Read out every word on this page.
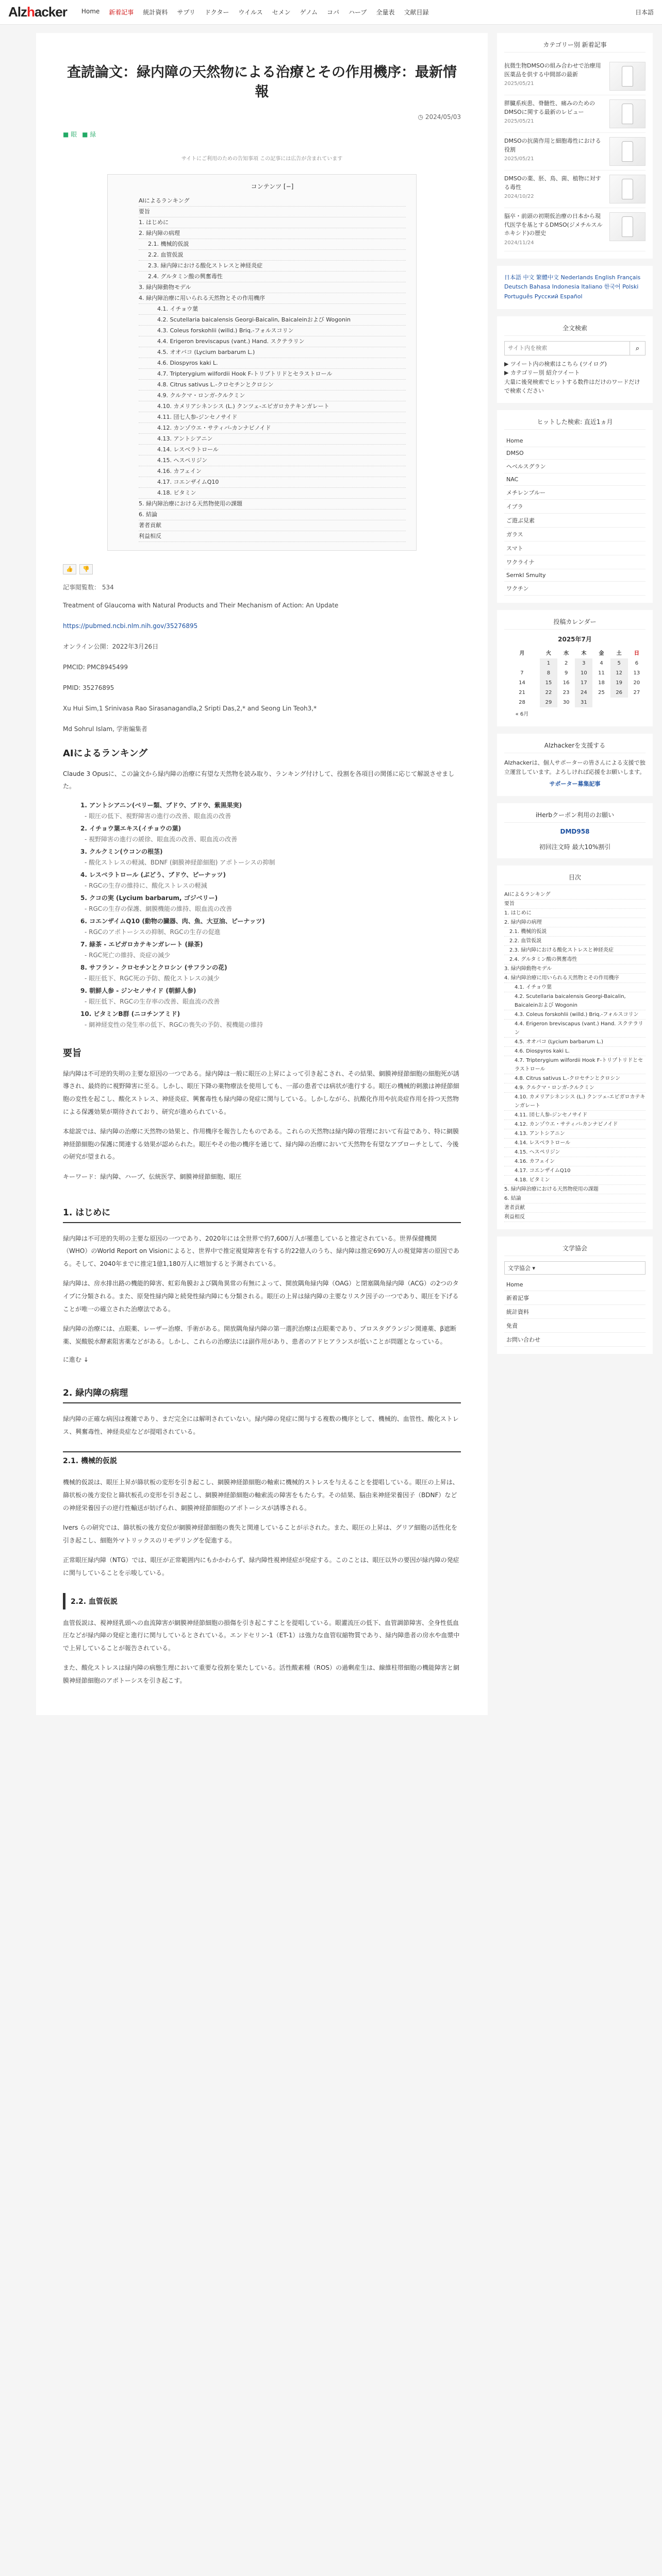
Alzhacker Home 新着記事 統計資料 サプリ ドクター ウイルス セメン ゲノム コパ ハーブ 全量表 文献目録	日本語
査読論文：緑内障の天然物による治療とその作用機序：最新情報
◷ 2024/05/03
■ 眼 ■ 緑
サイトにご利用のための告知事項 この記事には広告が含まれています
コンテンツ [−]
AIによるランキング
要旨
1. はじめに
2. 緑内障の病理
2.1. 機械的仮説
2.2. 血管仮説
2.3. 緑内障における酸化ストレスと神経炎症
2.4. グルタミン酸の興奮毒性
3. 緑内障動物モデル
4. 緑内障治療に用いられる天然物とその作用機序
4.1. イチョウ葉
4.2. Scutellaria baicalensis Georgi-Baicalin, Baicaleinおよび Wogonin
4.3. Coleus forskohlii (willd.) Briq.-フォルスコリン
4.4. Erigeron breviscapus (vant.) Hand. スクテラリン
4.5. オオバコ (Lycium barbarum L.)
4.6. Diospyros kaki L.
4.7. Tripterygium wilfordii Hook F-トリプトリドとセラストロール
4.8. Citrus sativus L.-クロセチンとクロシン
4.9. クルクマ・ロンガ-クルクミン
4.10. カメリアシネンシス (L.) クンツェ-エピガロカテキンガレート
4.11. 団七人参-ジンセノサイド
4.12. カンゾウエ・サティバ-カンナビノイド
4.13. アントシアニン
4.14. レスベラトロール
4.15. ヘスペリジン
4.16. カフェイン
4.17. コエンザイムQ10
4.18. ビタミン
5. 緑内障治療における天然物使用の課題
6. 結論
著者貢献
利益相反
👍	👎
記事閲覧数： 534
Treatment of Glaucoma with Natural Products and Their Mechanism of Action: An Update
https://pubmed.ncbi.nlm.nih.gov/35276895
オンライン公開：2022年3月26日
PMCID: PMC8945499
PMID: 35276895
Xu Hui Sim,1 Srinivasa Rao Sirasanagandla,2 Sripti Das,2,* and Seong Lin Teoh3,*
Md Sohrul Islam, 学術編集者
AIによるランキング
Claude 3 Opusに、この論文から緑内障の治療に有望な天然物を読み取り、ランキング付けして、役割を各項目の関係に応じて解説させました。
1. アントシアニン(ベリー類、ブドウ、ブドウ、紫黒果実)
- 眼圧の低下、視野障害の進行の改善、眼血流の改善
2. イチョウ葉エキス(イチョウの葉)
- 視野障害の進行の緩徐、眼血流の改善、眼血流の改善
3. クルクミン(ウコンの根茎)
- 酸化ストレスの軽減、BDNF (網膜神経節細胞) アポトーシスの抑制
4. レスベラトロール (ぶどう、ブドウ、ピーナッツ)
- RGCの生存の維持に、酸化ストレスの軽減
5. クコの実 (Lycium barbarum, ゴジベリー)
- RGCの生存の保護、網膜機能の維持、眼血流の改善
6. コエンザイムQ10 (動物の臓器、肉、魚、大豆油、ピーナッツ)
- RGCのアポトーシスの抑制、RGCの生存の促進
7. 緑茶 - エピガロカテキンガレート (緑茶)
- RGC死亡の維持、炎症の減少
8. サフラン - クロセチンとクロシン (サフランの花)
- 眼圧低下、RGC死の予防、酸化ストレスの減少
9. 朝鮮人参 - ジンセノサイド (朝鮮人参)
- 眼圧低下、RGCの生存率の改善、眼血流の改善
10. ビタミンB群 (ニコチンアミド)
- 網神経変性の発生率の低下、RGCの喪失の予防、視機能の維持
要旨
緑内障は不可逆的失明の主要な原因の一つである。緑内障は一般に眼圧の上昇によって引き起こされ、その結果、網膜神経節細胞の細胞死が誘導され、最終的に視野障害に至る。しかし、眼圧下降の薬物療法を使用しても、一部の患者では病状が進行する。眼圧の機械的刺激は神経節細胞の変性を起こし、酸化ストレス、神経炎症、興奮毒性も緑内障の発症に関与している。しかしながら、抗酸化作用や抗炎症作用を持つ天然物による保護効果が期待されており、研究が進められている。
本総説では、緑内障の治療に天然物の効果と、作用機序を報告したものである。これらの天然物は緑内障の管理において有益であり、特に網膜神経節細胞の保護に関連する効果が認められた。眼圧やその他の機序を通じて、緑内障の治療において天然物を有望なアプローチとして、今後の研究が望まれる。
キーワード：緑内障、ハーブ、伝統医学、網膜神経節細胞、眼圧
1. はじめに
緑内障は不可逆的失明の主要な原因の一つであり、2020年には全世界で約7,600万人が罹患していると推定されている。世界保健機関（WHO）のWorld Report on Visionによると、世界中で推定視覚障害を有する約22億人のうち、緑内障は推定690万人の視覚障害の原因である。そして、2040年までに推定1億1,180万人に増加すると予測されている。
緑内障は、房水排出路の機能的障害、虹彩角膜および隅角異常の有無によって、開放隅角緑内障（OAG）と閉塞隅角緑内障（ACG）の2つのタイプに分類される。また、原発性緑内障と続発性緑内障にも分類される。眼圧の上昇は緑内障の主要なリスク因子の一つであり、眼圧を下げることが唯一の確立された治療法である。
緑内障の治療には、点眼薬、レーザー治療、手術がある。開放隅角緑内障の第一選択治療は点眼薬であり、プロスタグランジン関連薬、β遮断薬、炭酸脱水酵素阻害薬などがある。しかし、これらの治療法には副作用があり、患者のアドヒアランスが低いことが問題となっている。
に進む ↓
2. 緑内障の病理
緑内障の正確な病因は複雑であり、まだ完全には解明されていない。緑内障の発症に関与する複数の機序として、機械的、血管性、酸化ストレス、興奮毒性、神経炎症などが提唱されている。
2.1. 機械的仮説
機械的仮説は、眼圧上昇が篩状板の変形を引き起こし、網膜神経節細胞の軸索に機械的ストレスを与えることを提唱している。眼圧の上昇は、篩状板の後方変位と篩状板孔の変形を引き起こし、網膜神経節細胞の軸索流の障害をもたらす。その結果、脳由来神経栄養因子（BDNF）などの神経栄養因子の逆行性輸送が妨げられ、網膜神経節細胞のアポトーシスが誘導される。
Ivers らの研究では、篩状板の後方変位が網膜神経節細胞の喪失と関連していることが示された。また、眼圧の上昇は、グリア細胞の活性化を引き起こし、細胞外マトリックスのリモデリングを促進する。
正常眼圧緑内障（NTG）では、眼圧が正常範囲内にもかかわらず、緑内障性視神経症が発症する。このことは、眼圧以外の要因が緑内障の発症に関与していることを示唆している。
2.2. 血管仮説
血管仮説は、視神経乳頭への血流障害が網膜神経節細胞の損傷を引き起こすことを提唱している。眼灌流圧の低下、血管調節障害、全身性低血圧などが緑内障の発症と進行に関与しているとされている。エンドセリン-1（ET-1）は強力な血管収縮物質であり、緑内障患者の房水や血漿中で上昇していることが報告されている。
また、酸化ストレスは緑内障の病態生理において重要な役割を果たしている。活性酸素種（ROS）の過剰産生は、線維柱帯細胞の機能障害と網膜神経節細胞のアポトーシスを引き起こす。
カテゴリー別 新着記事
抗微生物DMSOの組み合わせで治療用医薬品を供する中間部の最新
2025/05/21
膵臓系疾患、脊髄性、痛みのためのDMSOに関する最新のレビュー
2025/05/21
DMSOの抗菌作用と細胞毒性における役割
2025/05/21
DMSOの薬、胚、鳥、菌、植物に対する毒性
2024/10/22
脳卒・前頭の初期仮治療の日本から現代医学を基とするDMSO(ジメチルスルホキシド)の歴史
2024/11/24
日本語 中文 繁體中文 Nederlands English Français Deutsch Bahasa Indonesia Italiano 한국어 Polski Português Русский Español
全文検索
サイト内を検索
⌕
▶ ツイート内の検索はこちら (ツイログ)
▶ カテゴリー別 紹介ツイート
大量に後発検索でヒットする数件はだけのワードだけで検索ください
ヒットした検索: 直近1ヵ月
Home
DMSO
ヘベルスグラン
NAC
メチレンブルー
イブラ
ご遊ぶ見素
ガラス
スマト
ワクライナ
Sernkl Smulty
ワクチン
投稿カレンダー
2025年7月
月	火	水	木	金	土	日
	1	2	3	4	5	6
7	8	9	10	11	12	13
14	15	16	17	18	19	20
21	22	23	24	25	26	27
28	29	30	31			
« 6月						
AIzhackerを支援する
AIzhackerは、個人サポーターの皆さんによる支援で独立運営しています。よろしければ応援をお願いします。
サポーター募集記事
iHerbクーポン利用のお願い
DMD958
初回注文時 最大10%割引
目次
AIによるランキング
要旨
1. はじめに
2. 緑内障の病理
2.1. 機械的仮説
2.2. 血管仮説
2.3. 緑内障における酸化ストレスと神経炎症
2.4. グルタミン酸の興奮毒性
3. 緑内障動物モデル
4. 緑内障治療に用いられる天然物とその作用機序
4.1. イチョウ葉
4.2. Scutellaria baicalensis Georgi-Baicalin, Baicaleinおよび Wogonin
4.3. Coleus forskohlii (willd.) Briq.-フォルスコリン
4.4. Erigeron breviscapus (vant.) Hand. スクテラリン
4.5. オオバコ (Lycium barbarum L.)
4.6. Diospyros kaki L.
4.7. Tripterygium wilfordii Hook F-トリプトリドとセラストロール
4.8. Citrus sativus L.-クロセチンとクロシン
4.9. クルクマ・ロンガ-クルクミン
4.10. カメリアシネンシス (L.) クンツェ-エピガロカテキンガレート
4.11. 団七人参-ジンセノサイド
4.12. カンゾウエ・サティバ-カンナビノイド
4.13. アントシアニン
4.14. レスベラトロール
4.15. ヘスペリジン
4.16. カフェイン
4.17. コエンザイムQ10
4.18. ビタミン
5. 緑内障治療における天然物使用の課題
6. 結論
著者貢献
利益相反
文学協会
文学協会 ▾
Home
新着記事
統計資料
免責
お問い合わせ
